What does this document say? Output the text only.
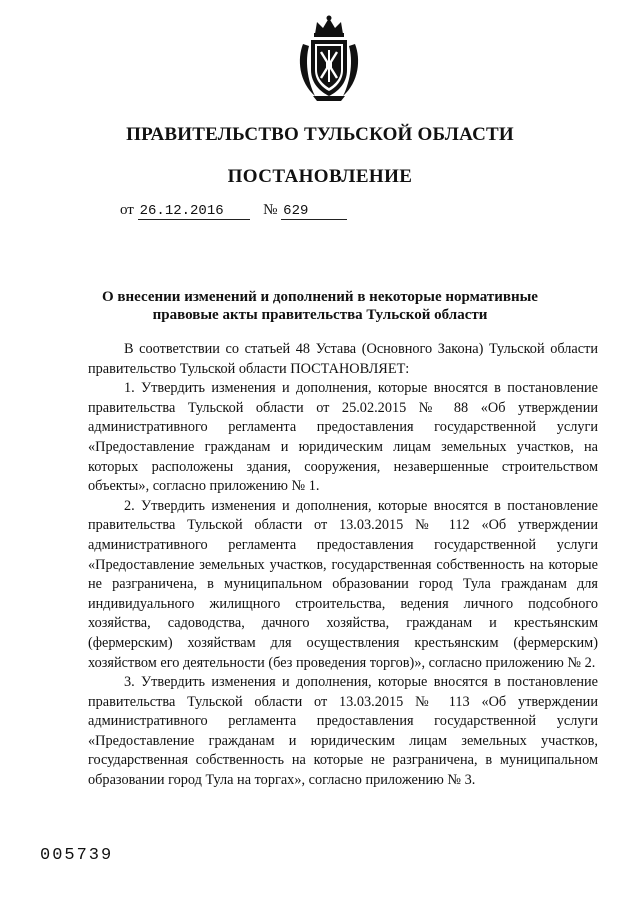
ПРАВИТЕЛЬСТВО ТУЛЬСКОЙ ОБЛАСТИ
ПОСТАНОВЛЕНИЕ
от 26.12.2016	№ 629
О внесении изменений и дополнений в некоторые нормативные
правовые акты правительства Тульской области

В соответствии со статьей 48 Устава (Основного Закона) Тульской области правительство Тульской области ПОСТАНОВЛЯЕТ:

1. Утвердить изменения и дополнения, которые вносятся в постановление правительства Тульской области от 25.02.2015 № 88 «Об утверждении административного регламента предоставления государственной услуги «Предоставление гражданам и юридическим лицам земельных участков, на которых расположены здания, сооружения, незавершенные строительством объекты», согласно приложению № 1.

2. Утвердить изменения и дополнения, которые вносятся в постановление правительства Тульской области от 13.03.2015 № 112 «Об утверждении административного регламента предоставления государственной услуги «Предоставление земельных участков, государственная собственность на которые не разграничена, в муниципальном образовании город Тула гражданам для индивидуального жилищного строительства, ведения личного подсобного хозяйства, садоводства, дачного хозяйства, гражданам и крестьянским (фермерским) хозяйствам для осуществления крестьянским (фермерским) хозяйством его деятельности (без проведения торгов)», согласно приложению № 2.

3. Утвердить изменения и дополнения, которые вносятся в постановление правительства Тульской области от 13.03.2015 № 113 «Об утверждении административного регламента предоставления государственной услуги «Предоставление гражданам и юридическим лицам земельных участков, государственная собственность на которые не разграничена, в муниципальном образовании город Тула на торгах», согласно приложению № 3.

005739
